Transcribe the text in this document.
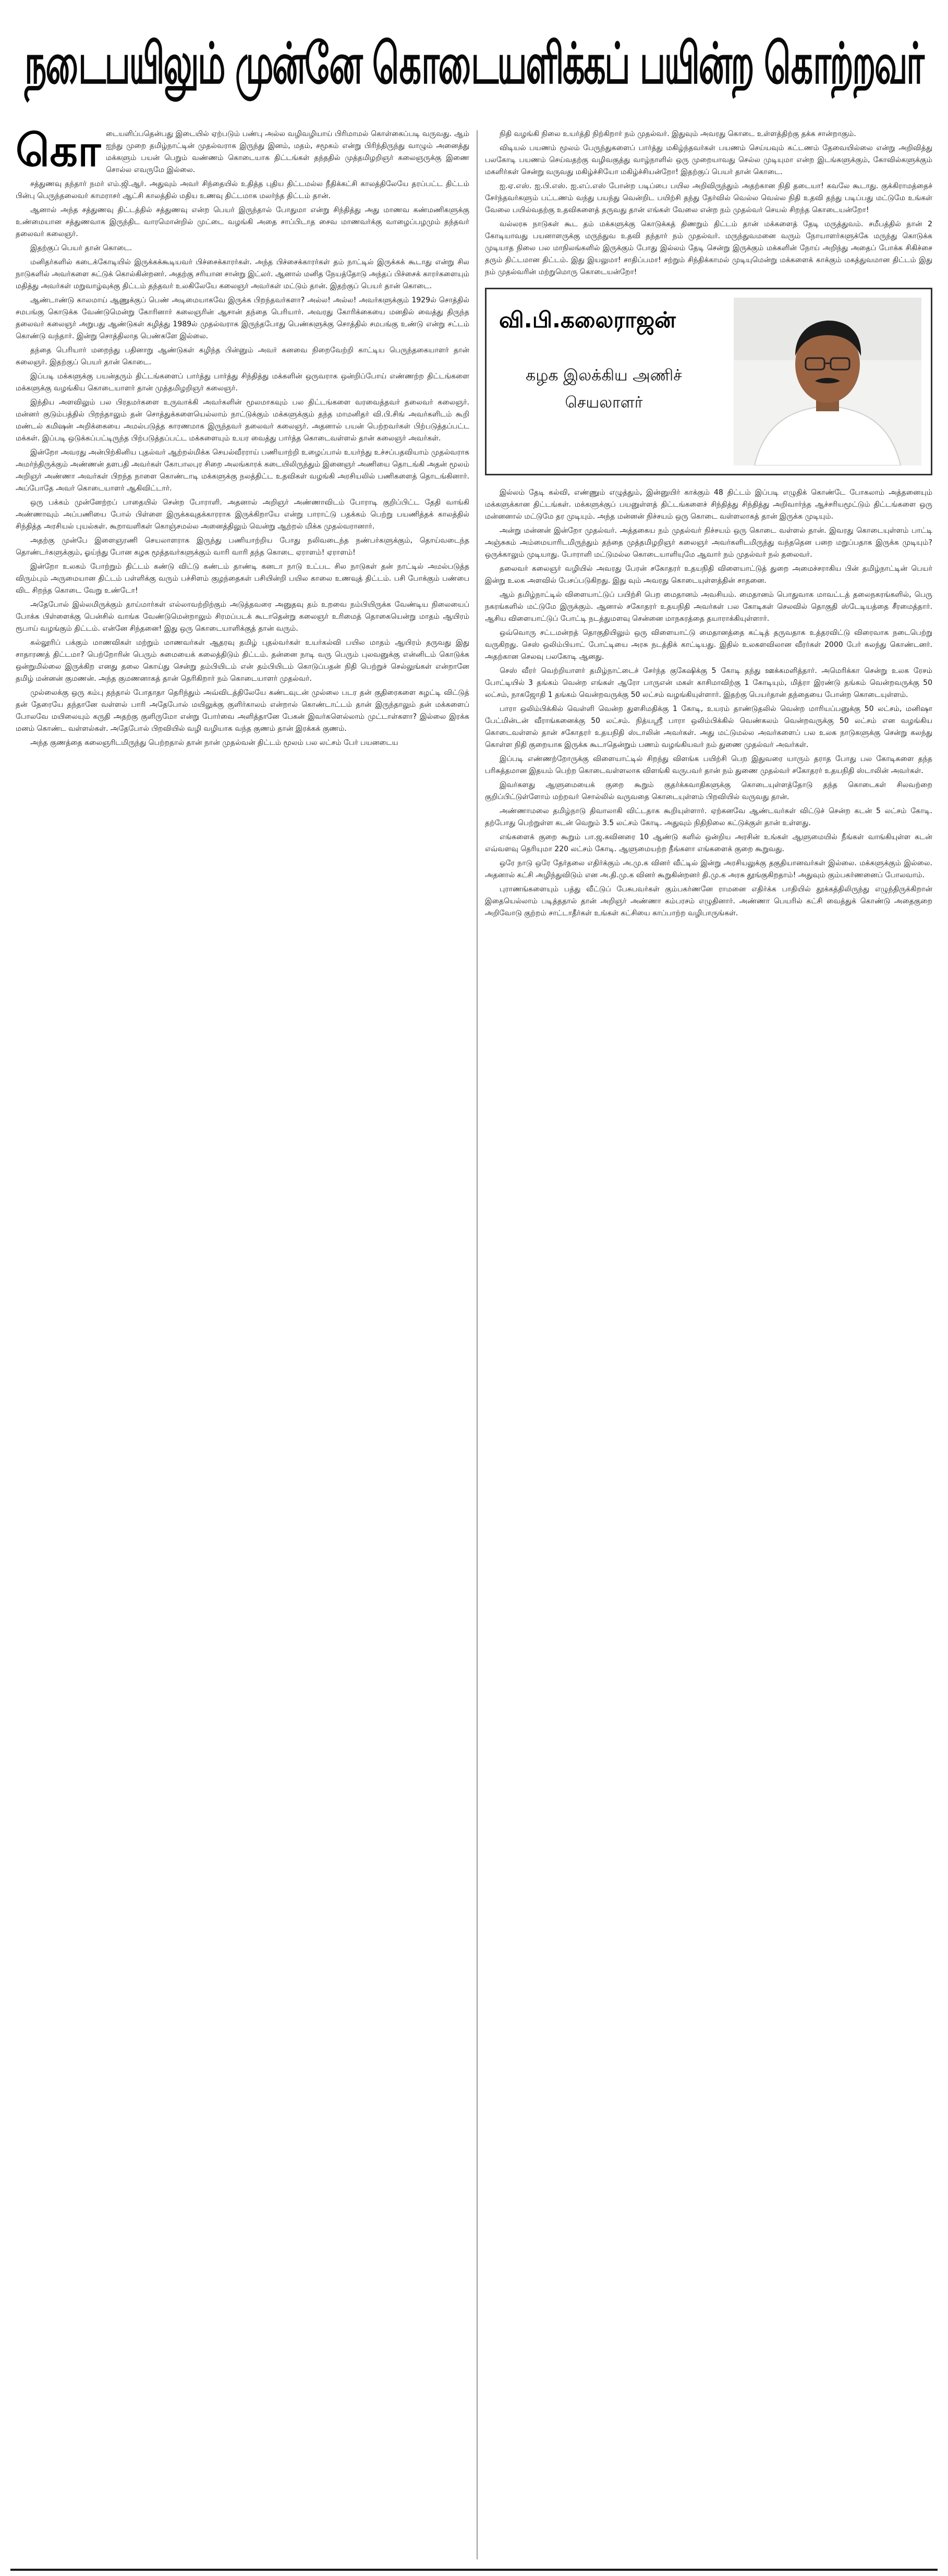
நடைபயிலும் முன்னே கொடையளிக்கப் பயின்ற கொற்றவர்

கொடையளிப்பதென்பது இடையில் ஏற்படும் பண்பு அல்ல வழிவழியாய் பிரிமாமல் கொள்கைப்படி வருவது. ஆம் ஐந்து முறை தமிழ்நாட்டின் முதல்வராக இருந்து இனம், மதம், சமூகம் என்று பிரிந்திருந்து வாழும் அனைத்து மக்களும் பயன் பெறும் வண்ணம் கொடையாக திட்டங்கள் தந்ததில் முத்தமிழறிஞர் கலைஞருக்கு இணை சொல்ல எவருமே இல்லை.

சத்துணவு தந்தார் நமர் எம்.ஜி.ஆர். அதுவும் அவர் சிந்தையில் உதித்த புதிய திட்டமல்ல நீதிக்கட்சி காலத்திலேயே தரப்பட்ட திட்டம் பின்பு பெருந்தலைவர் காமராசர் ஆட்சி காலத்தில் மதிய உணவு திட்டமாக மலர்ந்த திட்டம் தான்.

ஆனால் அந்த சத்துணவு திட்டத்தில் சத்துணவு என்ற பெயர் இருந்தால் போதுமா என்று சிந்தித்து அது மாணவ கண்மணிகளுக்கு உண்மையான சத்துணவாக இருந்திட வாரமொன்றில் முட்டை வழங்கி அதை சாப்பிடாத சைவ மாணவர்க்கு வாழைப்பழமும் தந்தவர் தலைவர் கலைஞர்.

இதற்குப் பெயர் தான் கொடை.

மனிதர்களில் கடைக்கோடியில் இருக்கக்கூடியவர் பிச்சைக்காரர்கள். அந்த பிச்சைக்காரர்கள் தம் நாட்டில் இருக்கக் கூடாது என்று சில நாடுகளில் அவர்களை சுட்டுக் கொல்கின்றனர். அதற்கு சரியான சான்று இட்லர். ஆனால் மனித நேயத்தோடு அந்தப் பிச்சைக் காரர்களையும் மதித்து அவர்கள் மறுவாழ்வுக்கு திட்டம் தந்தவர் உலகிலேயே கலைஞர் அவர்கள் மட்டும் தான். இதற்குப் பெயர் தான் கொடை.

ஆண்டாண்டு காலமாய் ஆணுக்குப் பெண் அடிமையாகவே இருக்க பிறந்தவர்களா? அல்ல! அல்ல! அவர்களுக்கும் 1929ல் சொத்தில் சமபங்கு கொடுக்க வேண்டுமென்று கோரினார் கலைஞரின் ஆசான் தந்தை பெரியார். அவரது கோரிக்கையை மனதில் வைத்து திருந்த தலைவர் கலைஞர் அறுபது ஆண்டுகள் கழித்து 1989ல் முதல்வராக இருந்தபோது பெண்களுக்கு சொத்தில் சமபங்கு உண்டு என்று சட்டம் கொண்டு வந்தார். இன்று சொத்திலாத பெண்களே இல்லை.

தந்தை பெரியார் மறைந்து பதினாறு ஆண்டுகள் கழிந்த பின்னும் அவர் கனவை நிறைவேற்றி காட்டிய பெருந்தகையாளர் தான் கலைஞர். இதற்குப் பெயர் தான் கொடை.

இப்படி மக்களுக்கு பயன்தரும் திட்டங்களைப் பார்த்து பார்த்து சிந்தித்து மக்களின் ஒருவராக ஒன்றிப்போய் எண்ணற்ற திட்டங்களை மக்களுக்கு வழங்கிய கொடையாளர் தான் முத்தமிழறிஞர் கலைஞர்.

இந்திய அளவிலும் பல பிரதமர்களை உருவாக்கி அவர்களின் மூலமாகவும் பல திட்டங்களை வரவைத்தவர் தலைவர் கலைஞர். மன்னர் குடும்பத்தில் பிறந்தாலும் தன் சொத்துக்களையெல்லாம் நாட்டுக்கும் மக்களுக்கும் தந்த மாமனிதர் வி.பி.சிங் அவர்களிடம் கூறி மண்டல் கமிஷன் அறிக்கையை அமல்படுத்த காரணமாக இருந்தவர் தலைவர் கலைஞர். அதனால் பயன் பெற்றவர்கள் பிற்படுத்தப்பட்ட மக்கள். இப்படி ஒடுக்கப்பட்டிருந்த பிற்படுத்தப்பட்ட மக்களையும் உயர வைத்து பார்த்த கொடைவள்ளல் தான் கலைஞர் அவர்கள்.

இன்றோ அவரது அன்பிற்கினிய புதல்வர் ஆற்றல்மிக்க செயல்வீரராய் பணியாற்றி உழைப்பால் உயர்ந்து உச்சப்பதவியாம் முதல்வராக அமர்ந்திருக்கும் அண்ணன் தளபதி அவர்கள் கோபாலபுர சிறை அலங்காரக் கடையிலிருந்தும் இனைஞர் அணியை தொடங்கி அதன் மூலம் அறிஞர் அண்ணா அவர்கள் பிறந்த நாளை கொண்டாடி மக்களுக்கு நலத்திட்ட உதவிகள் வழங்கி அரசியலில் பணிகளைத் தொடங்கினார். அப்போதே அவர் கொடையாளர் ஆகிவிட்டார்.

ஒரு பக்கம் முன்னேற்றப் பாதையில் சென்ற போராளி. அதனால் அறிஞர் அண்ணாவிடம் போராடி குறிப்பிட்ட தேதி வாங்கி அண்ணாவும் அப்பணியை போல் பிள்ளை இருக்கவுதக்காரராக இருக்கிறாயே என்று பாராட்டு பதக்கம் பெற்று பயணித்தக் காலத்தில் சிந்தித்த அரசியல் புயல்கள். கூறாவளிகள் கொஞ்சமல்ல அனைத்திலும் வென்று ஆற்றல் மிக்க முதல்வரானார்.

அதற்கு முன்பே இளைஞரணி செயலாளராக இருந்து பணியாற்றிய போது நலிவடைந்த நண்பர்களுக்கும், தொய்வடைந்த தொண்டர்களுக்கும், ஓய்ந்து போன கழக மூத்தவர்களுக்கும் வாரி வாரி தந்த கொடை ஏராளம்! ஏராளம்!

இன்றோ உலகம் போற்றும் திட்டம் கண்டு விட்டு கண்டம் தாண்டி கனடா நாடு உட்பட சில நாடுகள் தன் நாட்டில் அமல்படுத்த விரும்பும் அருமையான திட்டம் பள்ளிக்கு வரும் பச்சிளம் குழந்தைகள் பசியின்றி பயில காலை உணவுத் திட்டம். பசி போக்கும் பண்பை விட சிறந்த கொடை வேறு உண்டோ!

அதேபோல் இல்லமிருக்கும் தாய்மார்கள் எல்லாவற்றிற்கும் அடுத்தவரை அனுதவு தம் உறவை நம்பியிருக்க வேண்டிய நிலையைப் போக்க பிள்ளைக்கு பென்சில் வாங்க வேண்டுமென்றாலும் சிரமப்படக் கூடாதென்று கலைஞர் உரிமைத் தொகையென்று மாதம் ஆயிரம் ரூபாய் வழங்கும் திட்டம். என்னே சிந்தனை! இது ஒரு கொடையாளிக்குத் தான் வரும்.

கல்லூரிப் பக்கும் மாணவிகள் மற்றும் மாணவர்கள் ஆதரவு தமிழ் புதல்வர்கள் உயர்கல்வி பயில மாதம் ஆயிரம் தருவது இது சாதாரணத் திட்டமா? பெற்றோரின் பெரும் சுமையைக் கலைத்திடும் திட்டம். தன்னை நாடி வரு பெரும் புலவனுக்கு என்னிடம் கொடுக்க ஒன்றுமில்லை இருக்கிற எனது தலை கொய்து சென்று தம்பியிடம் என் தம்பியிடம் கொடுப்பதன் நிதி பெற்றுச் செல்லுங்கள் என்றானே தமிழ் மன்னன் குமணன். அந்த குமணனாகத் தான் தெரிகிறார் நம் கொடையாளர் முதல்வர்.

முல்லைக்கு ஒரு கம்பு தந்தால் போதாதா தெரிந்தும் அவ்விடத்திலேயே கண்டவுடன் முல்லை படர தன் குதிரைகளை கழட்டி விட்டுத் தன் தேரையே தந்தானே வள்ளல் பாரி அதேபோல் மயிலுக்கு குளிர்காலம் என்றால் கொண்டாட்டம் தான் இருந்தாலும் தன் மக்களைப் போலவே மயிலையும் கருதி அதற்கு குளிருமோ என்று போர்வை அளித்தானே பேகன் இவர்களெல்லாம் முட்டாள்களா? இல்லை இரக்க மனம் கொண்ட வள்ளல்கள். அதேபோல் பிறவியில் வழி வழியாக வந்த குணம் தான் இரக்கக் குணம்.

அந்த குணத்தை கலைஞரிடமிருந்து பெற்றதால் தான் நான் முதல்வன் திட்டம் மூலம் பல லட்சம் பேர் பயனடைய

நிதி வழங்கி நிலை உயர்த்தி நிற்கிறார் நம் முதல்வர். இதுவும் அவரது கொடை உள்ளத்திற்கு தக்க சான்றாகும்.

விடியல் பயணம் மூலம் பேருந்துகளைப் பார்த்து மகிழ்ந்தவர்கள் பயணம் செய்யவும் கட்டணம் தேவையில்லை என்று அறிவித்து பலகோடி பயணம் செய்வதற்கு வழிவகுத்து வாழ்நாளில் ஒரு முறையாவது செல்ல முடியுமா என்ற இடங்களுக்கும், கோவில்களுக்கும் மகளிர்கள் சென்று வருவது மகிழ்ச்சியோ மகிழ்ச்சியன்றோ! இதற்குப் பெயர் தான் கொடை.

ஐ.ஏ.எஸ். ஐ.பி.எஸ். ஐ.எப்.எஸ் போன்ற படிப்பை பயில அறிவிருந்தும் அதற்கான நிதி தடையா! கவலே கூடாது. குக்கிராமத்தைச் சேர்ந்தவர்களும் பட்டணம் வந்து பயந்து வென்றிட பயிற்சி தந்து தேர்வில் வெல்ல வெல்ல நிதி உதவி தந்து படிப்பது மட்டுமே உங்கள் வேலை பயில்வதற்கு உதவிகளைத் தருவது தான் எங்கள் வேலை என்ற நம் முதல்வர் செயல் சிறந்த கொடையன்றோ!

வல்லரசு நாடுகள் கூட தம் மக்களுக்கு கொடுக்கத் திணறும் திட்டம் தான் மக்களைத் தேடி மருத்துவம். சமீபத்தில் தான் 2 கோடியாவது பயனாளருக்கு மருந்துவ உதவி தந்தார் நம் முதல்வர். மருந்துவமனை வரும் நோயாளர்களுக்கே மருந்து கொடுக்க முடியாத நிலை பல மாநிலங்களில் இருக்கும் போது இல்லம் தேடி சென்று இருக்கும் மக்களின் நோய் அறிந்து அதைப் போக்க சிகிச்சை தரும் திட்டமான திட்டம். இது இயலுமா! சாதிப்பமா! சற்றும் சிந்திக்காமல் முடியுமென்று மக்களைக் காக்கும் மகத்துவமான திட்டம் இது நம் முதல்வரின் மற்றுமொரு கொடையன்றோ!

வி.பி.கலைராஜன்
கழக இலக்கிய அணிச் செயலாளர்

இல்லம் தேடி கல்வி, எண்ணும் எழுத்தும், இன்னுயிர் காக்கும் 48 திட்டம் இப்படி எழுதிக் கொண்டே போகலாம் அத்தனையும் மக்களுக்கான திட்டங்கள். மக்களுக்குப் பயனுள்ளத் திட்டங்களைச் சிந்தித்து சிந்தித்து அறிவார்ந்த ஆச்சரியமூட்டும் திட்டங்களை ஒரு மன்னனால் மட்டுமே தர முடியும். அந்த மன்னன் நிச்சயம் ஒரு கொடை வள்ளலாகத் தான் இருக்க முடியும்.

அன்று மன்னன் இன்றோ முதல்வர். அத்தகைய நம் முதல்வர் நிச்சயம் ஒரு கொடை வள்ளல் தான். இவரது கொடையுள்ளம் பாட்டி அஞ்சுகம் அம்மையாரிடமிருந்தும் தந்தை முத்தமிழறிஞர் கலைஞர் அவர்களிடமிருந்து வந்ததென பறை மறுப்பதாக இருக்க முடியும்? ஒருக்காலும் முடியாது. போராளி மட்டுமல்ல கொடையாளியுமே ஆவார் நம் முதல்வர் நல் தலைவர்.

தலைவர் கலைஞர் வழியில் அவரது பேரன் சகோதரர் உதயநிதி விளையாட்டுத் துறை அமைச்சராகிய பின் தமிழ்நாட்டின் பெயர் இன்று உலக அளவில் பேசப்படுகிறது. இது வும் அவரது கொடையுள்ளத்தின் சாதனை.

ஆம் தமிழ்நாட்டில் விளையாட்டுப் பயிற்சி பெற மைதானம் அவசியம். மைதானம் பொதுவாக மாவட்டத் தலைநகரங்களில், பெரு நகரங்களில் மட்டுமே இருக்கும். ஆனால் சகோதரர் உதயநிதி அவர்கள் பல கோடிகள் செலவில் தொகுதி ஸ்டேடியத்தை சீரமைத்தார். ஆசிய விளையாட்டுப் போட்டி நடத்துமளவு சென்னை மாநகரத்தை தயாராக்கியுள்ளார்.

ஒவ்வொரு சட்டமன்றத் தொகுதியிலும் ஒரு விளையாட்டு மைதானத்தை கட்டித் தருவதாக உத்தரவிட்டு விரைவாக நடைபெற்று வருகிறது. செஸ் ஒலிம்பியாட் போட்டியை அரசு நடத்திக் காட்டியது. இதில் உலகளவிலான வீரர்கள் 2000 பேர் கலந்து கொண்டனர். அதற்கான செலவு பலகோடி ஆனது.

செஸ் வீரர் வெற்றியாளர் தமிழ்நாட்டைச் சேர்ந்த குகேஷிக்கு 5 கோடி தந்து ஊக்கமளித்தார். அமெரிக்கா சென்று உலக ரேசம் போட்டியில் 3 தங்கம் வென்ற எங்கள் ஆரோ பாருஎன் மகள் காசிமாவிற்கு 1 கோடியும், மித்ரா இரண்டு தங்கம் வென்றவருக்கு 50 லட்சம், நாகஜோதி 1 தங்கம் வென்றவருக்கு 50 லட்சம் வழங்கியுள்ளார். இதற்கு பெயர்தான் தந்தையை போன்ற கொடையுள்ளம்.

பாரா ஒலிம்பிக்கில் வெள்ளி வென்ற துளசிமதிக்கு 1 கோடி, உயரம் தாண்டுதலில் வென்ற மாரியப்பனுக்கு 50 லட்சம், மனிஷா பேட்மின்டன் வீராங்கனைக்கு 50 லட்சம். நித்யஸ்ரீ பாரா ஒலிம்பிக்கில் வெண்கலம் வென்றவருக்கு 50 லட்சம் என வழங்கிய கொடைவள்ளல் தான் சகோதரர் உதயநிதி ஸ்டாலின் அவர்கள். அது மட்டுமல்ல அவர்களைப் பல உலக நாடுகளுக்கு சென்று கலந்து கொள்ள நிதி குறையாக இருக்க கூடாதென்றும் பணம் வழங்கியவர் நம் துணை முதல்வர் அவர்கள்.

இப்படி எண்ணற்றோருக்கு விளையாட்டில் சிறந்து விளங்க பயிற்சி பெற இதுவரை யாரும் தராத போது பல கோடிகளை தந்த பரிசுத்தமான இதயம் பெற்ற கொடைவள்ளலாக விளங்கி வருபவர் தான் நம் துணை முதல்வர் சகோதரர் உதயநிதி ஸ்டாலின் அவர்கள்.

இவர்களது ஆளுமையைக் குறை கூறும் குதர்க்கவாதிகளுக்கு கொடையுள்ளத்தோடு தந்த கொடைகள் சிலவற்றை குறிப்பிட்டுள்ளோம் மற்றவர் சொல்லில் வருவதை கொடையுள்ளம் பிறவியில் வருவது தான்.

அண்ணாமலை தமிழ்நாடு திவாலாகி விட்டதாக கூறியுள்ளார். ஏற்கனவே ஆண்டவர்கள் விட்டுச் சென்ற கடன் 5 லட்சம் கோடி. தற்போது பெற்றுள்ள கடன் வெறும் 3.5 லட்சம் கோடி. அதுவும் நிதிநிலை கட்டுக்குள் தான் உள்ளது.

எங்களைக் குறை கூறும் பா.ஜ.கவினரை 10 ஆண்டு களில் ஒன்றிய அரசின் உங்கள் ஆளுமையில் நீங்கள் வாங்கியுள்ள கடன் எவ்வளவு தெரியுமா 220 லட்சம் கோடி. ஆளுமையற்ற நீங்களா எங்களைக் குறை கூறுவது.

ஒரே நாடு ஒரே தேர்தலை எதிர்க்கும் அ.மு.க வினர் வீட்டில் இன்று அரசியலுக்கு தகுதியானவர்கள் இல்லை. மக்களுக்கும் இல்லை. அதனால் கட்சி அழிந்துவிடும் என அ.தி.மு.க வினர் கூறுகின்றனர் தி.மு.க அரசு தூங்குகிறதாம்! அதுவும் கும்பகர்ணனைப் போலவாம்.

புராணங்களையும் பத்து வீட்டுப் பேசுபவர்கள் கும்பகர்ணனே ராமனை எதிர்க்க பாதியில் தூக்கத்திலிருந்து எழுந்திருக்கிறான் இதையெல்லாம் படித்ததால் தான் அறிஞர் அண்ணா கம்பரசம் எழுதினார். அண்ணா பெயரில் கட்சி வைத்துக் கொண்டு அதைகுறை அறிவோடு குற்றம் சாட்டாதீர்கள் உங்கள் கட்சியை காப்பாற்ற வழிபாருங்கள்.
